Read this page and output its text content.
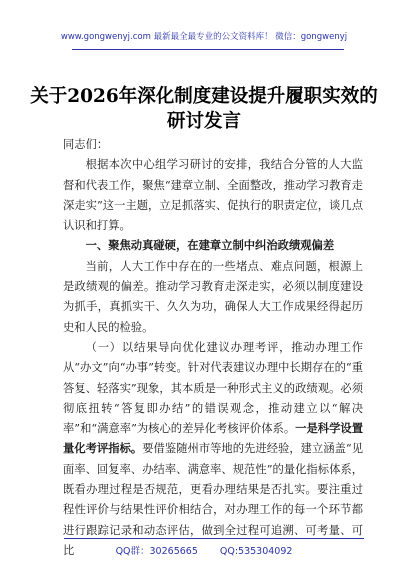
www.gongwenyj.com 最新最全最专业的公文资料库！ 微信：gongwenyj
关于2026年深化制度建设提升履职实效的
研讨发言

同志们：

根据本次中心组学习研讨的安排，我结合分管的人大监督和代表工作，聚焦“建章立制、全面整改，推动学习教育走深走实”这一主题，立足抓落实、促执行的职责定位，谈几点认识和打算。

一、聚焦动真碰硬，在建章立制中纠治政绩观偏差

当前，人大工作中存在的一些堵点、难点问题，根源上是政绩观的偏差。推动学习教育走深走实，必须以制度建设为抓手，真抓实干、久久为功，确保人大工作成果经得起历史和人民的检验。

（一）以结果导向优化建议办理考评，推动办理工作从“办文”向“办事”转变。针对代表建议办理中长期存在的“重答复、轻落实”现象，其本质是一种形式主义的政绩观。必须彻底扭转“答复即办结”的错误观念，推动建立以“解决率”和“满意率”为核心的差异化考核评价体系。一是科学设置量化考评指标。要借鉴随州市等地的先进经验，建立涵盖“见面率、回复率、办结率、满意率、规范性”的量化指标体系，既看办理过程是否规范，更看办理结果是否扎实。要注重过程性评价与结果性评价相结合，对办理工作的每一个环节都进行跟踪记录和动态评估，做到全过程可追溯、可考量、可比	QQ群：30265665 QQ:535304092
